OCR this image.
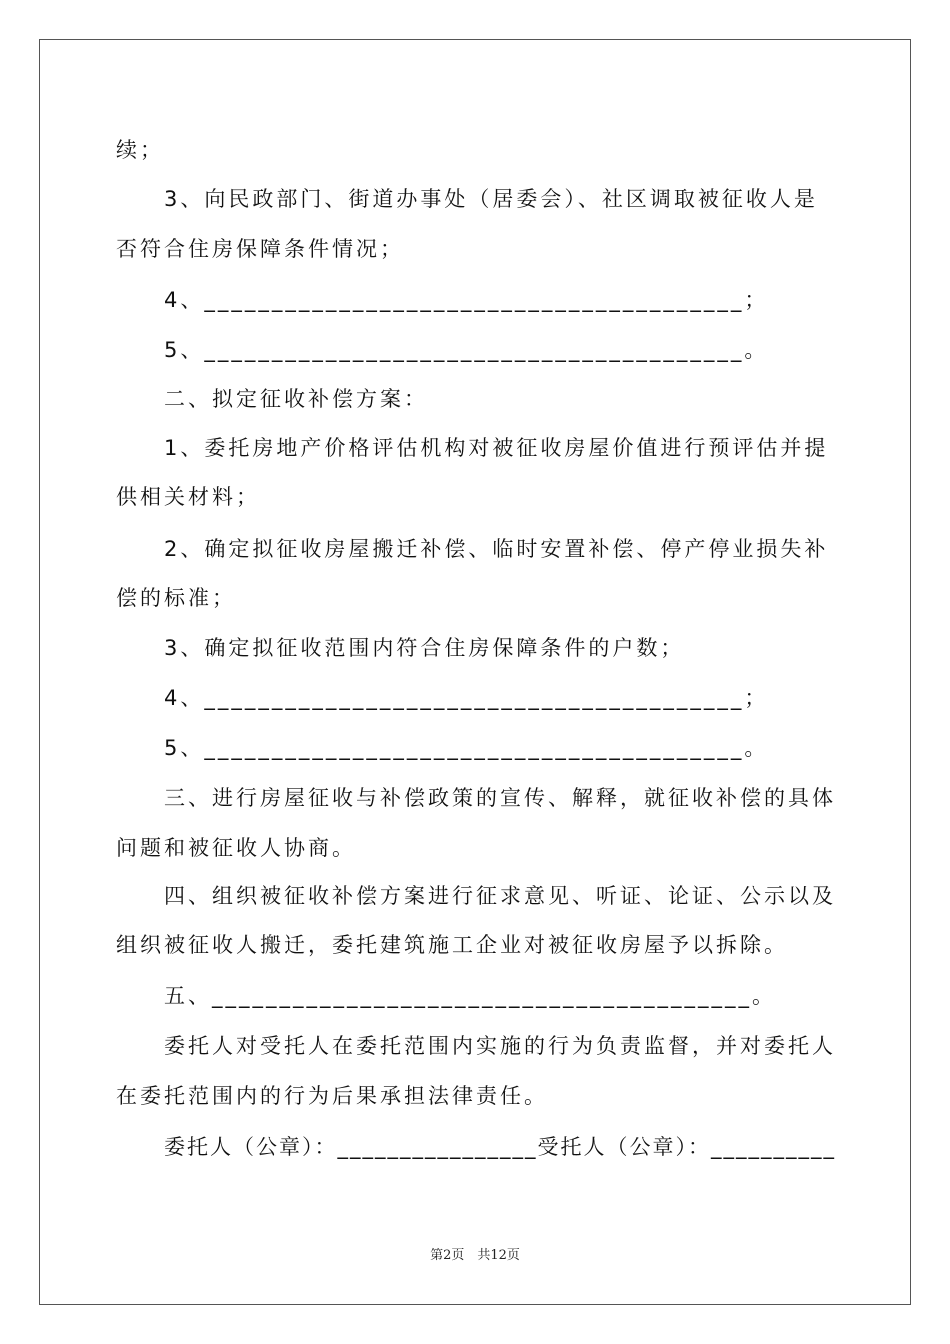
续；
3、向民政部门、街道办事处（居委会）、社区调取被征收人是
否符合住房保障条件情况；
4、________________________________________；
5、________________________________________。
二、拟定征收补偿方案：
1、委托房地产价格评估机构对被征收房屋价值进行预评估并提
供相关材料；
2、确定拟征收房屋搬迁补偿、临时安置补偿、停产停业损失补
偿的标准；
3、确定拟征收范围内符合住房保障条件的户数；
4、________________________________________；
5、________________________________________。
三、进行房屋征收与补偿政策的宣传、解释，就征收补偿的具体
问题和被征收人协商。
四、组织被征收补偿方案进行征求意见、听证、论证、公示以及
组织被征收人搬迁，委托建筑施工企业对被征收房屋予以拆除。
五、________________________________________。
委托人对受托人在委托范围内实施的行为负责监督，并对委托人
在委托范围内的行为后果承担法律责任。
委托人（公章）：________________受托人（公章）：__________
第2页　共12页
